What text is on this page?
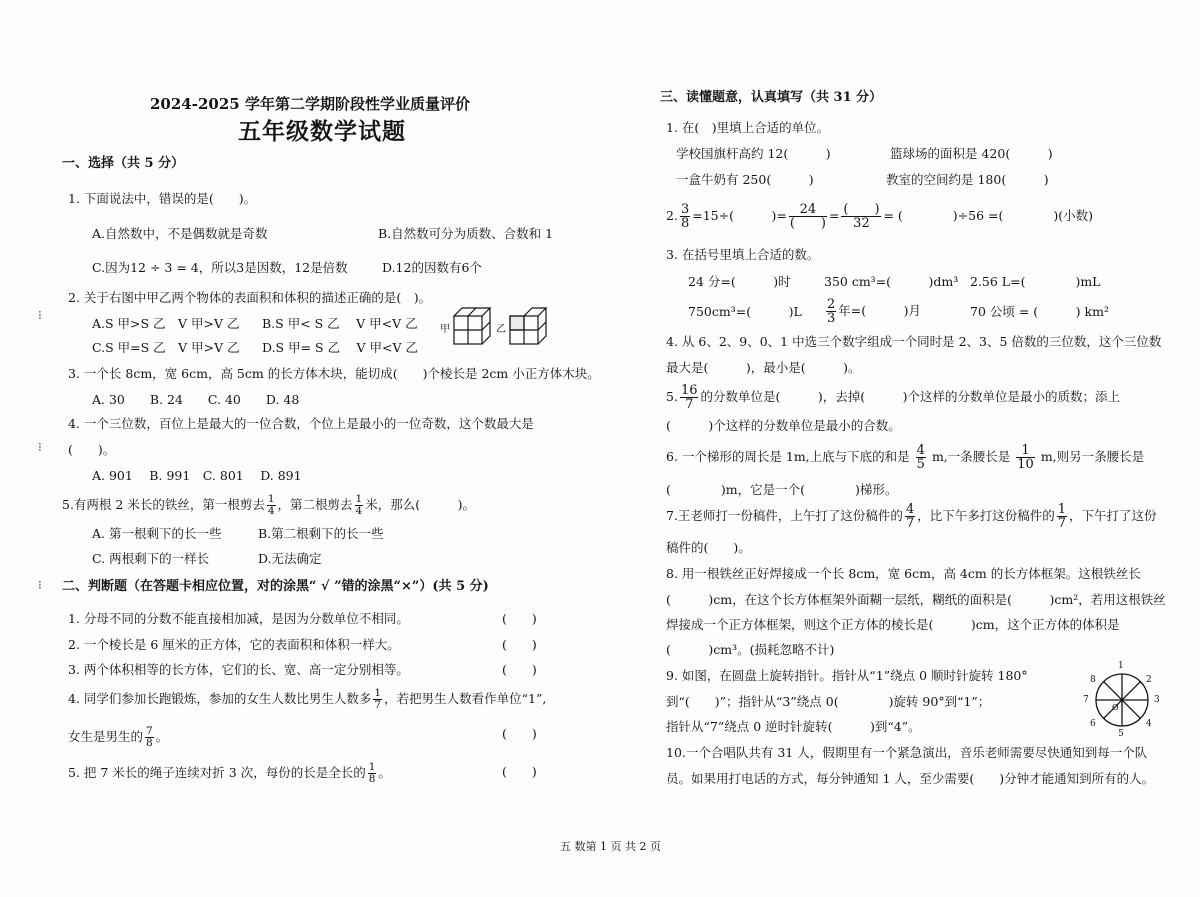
2024-2025 学年第二学期阶段性学业质量评价
五年级数学试题
一、选择（共 5 分）
1. 下面说法中，错误的是(　　)。
A.自然数中，不是偶数就是奇数	B.自然数可分为质数、合数和 1
C.因为12 ÷ 3 = 4，所以3是因数，12是倍数	D.12的因数有6个
2. 关于右图中甲乙两个物体的表面积和体积的描述正确的是(　)。
A.S 甲>S 乙　V 甲>V 乙 B.S 甲< S 乙　 V 甲<V 乙
C.S 甲=S 乙　V 甲>V 乙 D.S 甲= S 乙　 V 甲<V 乙
甲	乙
3. 一个长 8cm，宽 6cm，高 5cm 的长方体木块，能切成(　　)个棱长是 2cm 小正方体木块。
A. 30　　B. 24　　C. 40　　D. 48
4. 一个三位数，百位上是最大的一位合数，个位上是最小的一位奇数，这个数最大是
(　　)。
A. 901　 B. 991　C. 801　 D. 891
5.有两根 2 米长的铁丝，第一根剪去 $\frac{1}{4}$ ，第二根剪去 $\frac{1}{4}$ 米，那么(　　　)。
A. 第一根剩下的长一些	B.第二根剩下的长一些
C. 两根剩下的一样长	D.无法确定
二、判断题（在答题卡相应位置，对的涂黑“ √ ”错的涂黑“×”）(共 5 分)
1. 分母不同的分数不能直接相加减，是因为分数单位不相同。	(　　)
2. 一个棱长是 6 厘米的正方体，它的表面积和体积一样大。	(　　)
3. 两个体积相等的长方体，它们的长、宽、高一定分别相等。	(　　)
4. 同学们参加长跑锻炼，参加的女生人数比男生人数多 $\frac{1}{7}$ ，若把男生人数看作单位“1”,
女生是男生的 $\frac{7}{8}$ 。	(　　)
5. 把 7 米长的绳子连续对折 3 次，每份的长是全长的 $\frac{1}{8}$ 。	(　　)
三、读懂题意，认真填写（共 31 分）
1. 在(　)里填上合适的单位。
学校国旗杆高约 12(　　　)	篮球场的面积是 420(　　　)
一盒牛奶有 250(　　　)	教室的空间约是 180(　　　)
2. $\frac{3}{8} =15\div$(　　　)= $\frac{24}{( )} = \frac{( )}{32}$ = (　　　　)÷56 =(　　　　)(小数)
3. 在括号里填上合适的数。
24 分=(　　　)时	350 cm³=(　　　)dm³ 2.56 L=(　　　　)mL
750cm³=(　　　)$L \frac{2}{3}$ 年=(　　　)月	70 公顷 = (　　　) km²
4. 从 6、2、9、0、1 中选三个数字组成一个同时是 2、3、5 倍数的三位数，这个三位数
最大是(　　　)，最小是(　　　)。
5. $\frac{16}{7}$ 的分数单位是(　　　)，去掉(　　　)个这样的分数单位是最小的质数；添上
(　　　)个这样的分数单位是最小的合数。
6. 一个梯形的周长是 1m,上底与下底的和是 $\frac{4}{5} m$,一条腰长是 $\frac{1}{10} m$,则另一条腰长是
(　　　　)m，它是一个(　　　　)梯形。
7.王老师打一份稿件，上午打了这份稿件的 $\frac{4}{7}$ ，比下午多打这份稿件的 $\frac{1}{7}$ ，下午打了这份
稿件的(　　)。
8. 用一根铁丝正好焊接成一个长 8cm，宽 6cm，高 4cm 的长方体框架。这根铁丝长
(　　　)cm，在这个长方体框架外面糊一层纸，糊纸的面积是(　　　)cm²，若用这根铁丝
焊接成一个正方体框架，则这个正方体的棱长是(　　　)cm，这个正方体的体积是
(　　　)cm³。(损耗忽略不计)
9. 如图，在圆盘上旋转指针。指针从“1”绕点 0 顺时针旋转 180°
到“(　　)”；指针从“3”绕点 0(　　　　)旋转 90°到“1”；
指针从“7”绕点 0 逆时针旋转(　　　)到“4”。
1
2
3
4
5
6
7
8
O
10.一个合唱队共有 31 人，假期里有一个紧急演出，音乐老师需要尽快通知到每一个队
员。如果用打电话的方式，每分钟通知 1 人，至少需要(　　)分钟才能通知到所有的人。
⁝
⁝
⁝
五 数第 1 页 共 2 页
